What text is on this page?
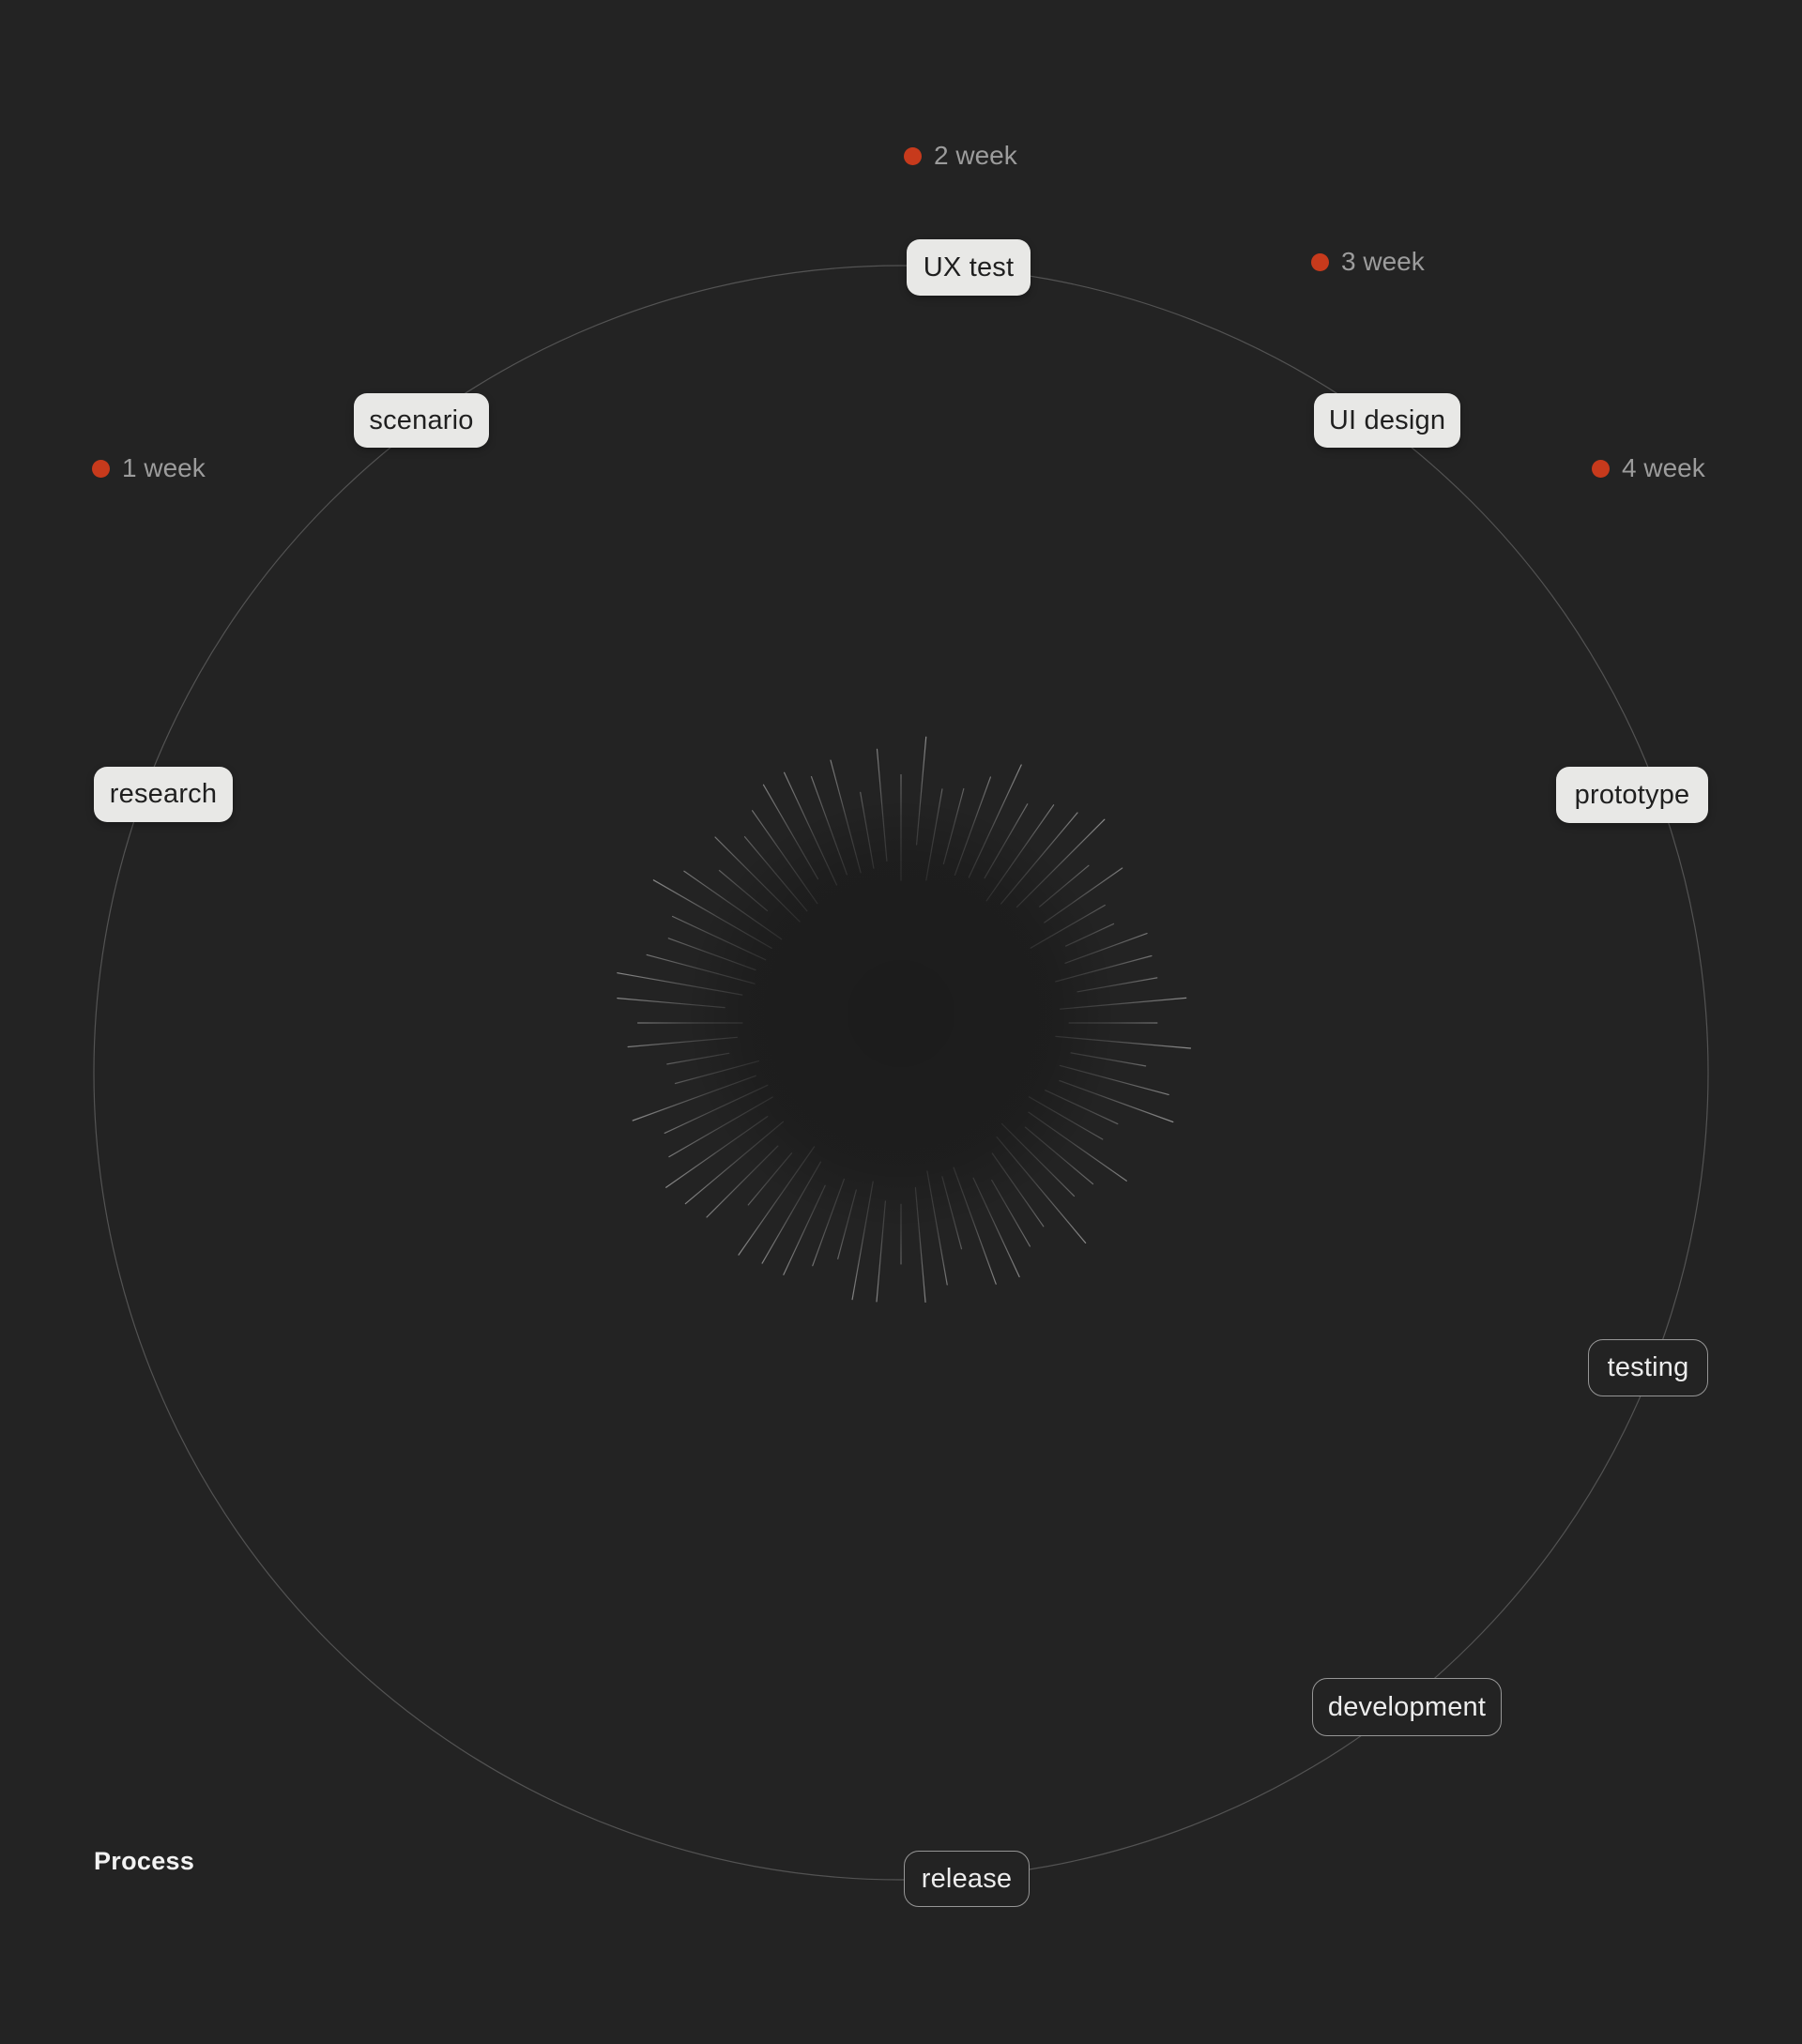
1 week
2 week
3 week
4 week
research
scenario
UX test
UI design
prototype
testing
development
release
Process
